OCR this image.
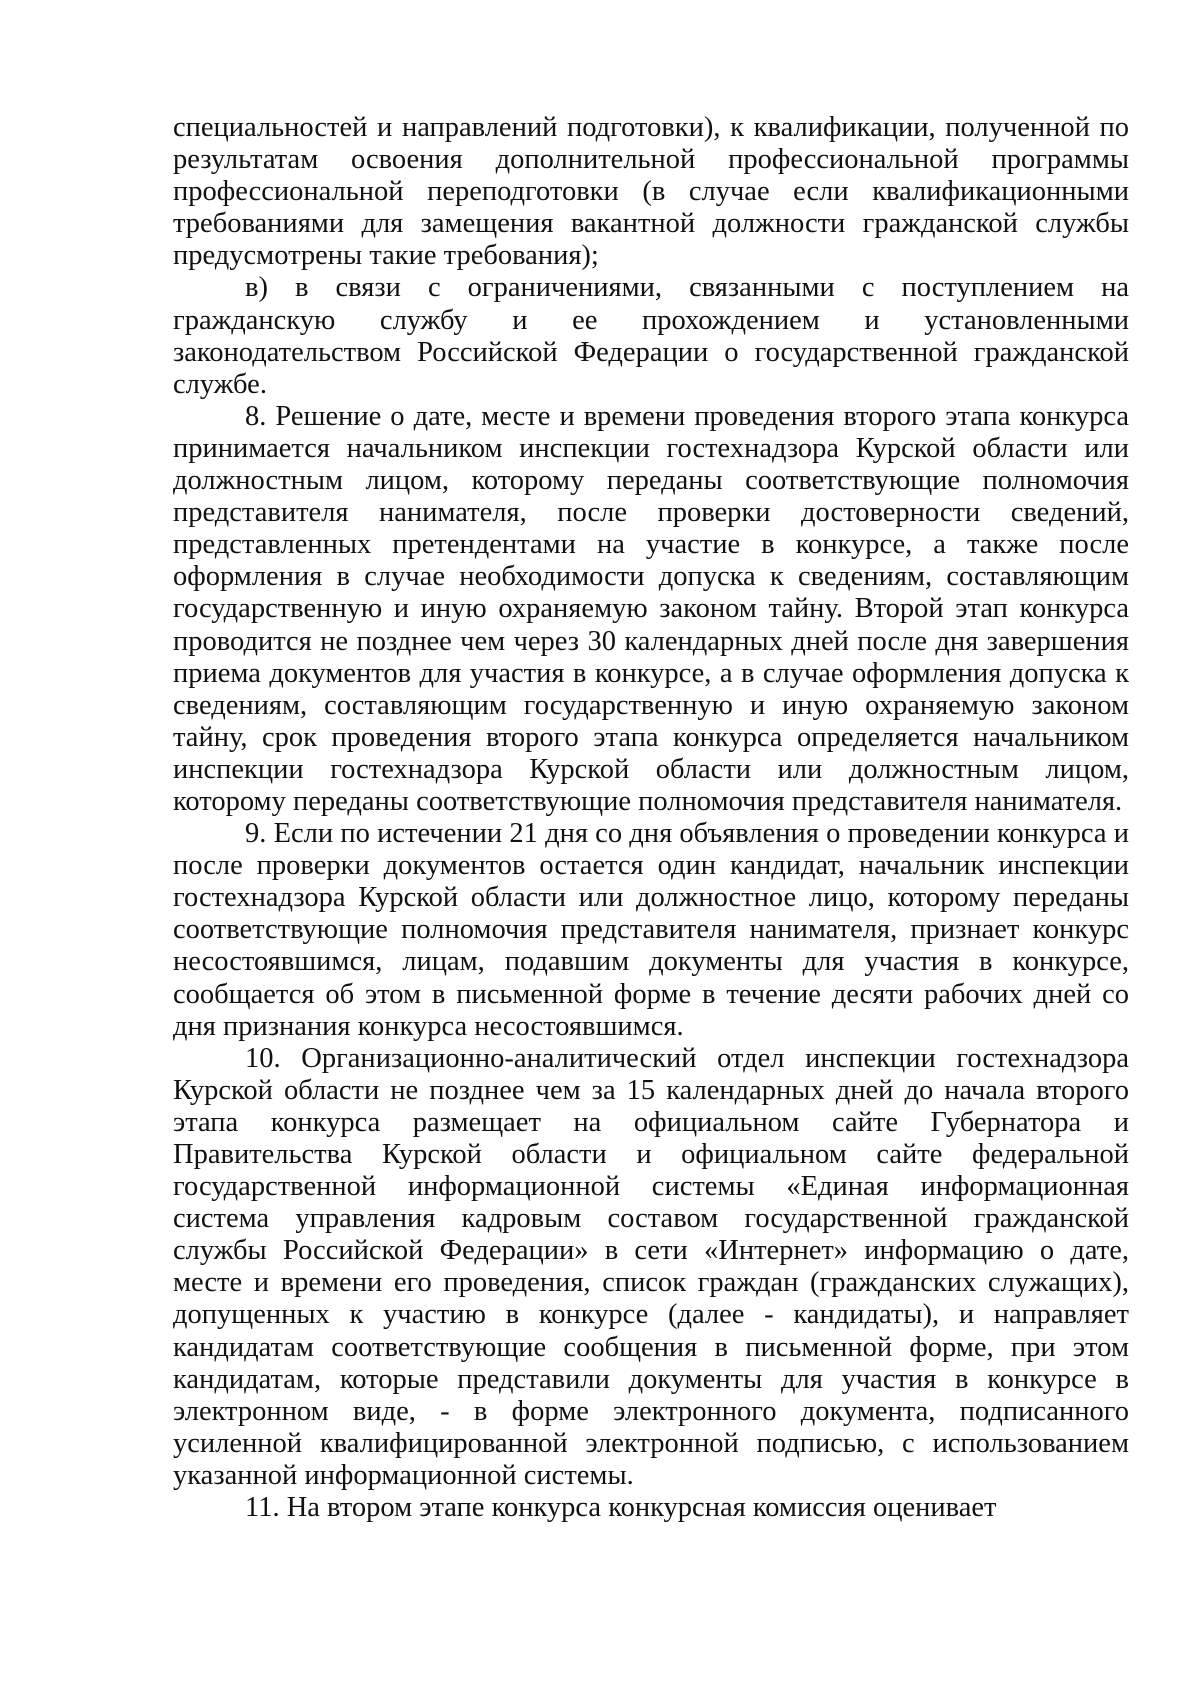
специальностей и направлений подготовки), к квалификации, полученной по результатам освоения дополнительной профессиональной программы профессиональной переподготовки (в случае если квалификационными требованиями для замещения вакантной должности гражданской службы предусмотрены такие требования);

в) в связи с ограничениями, связанными с поступлением на гражданскую службу и ее прохождением и установленными законодательством Российской Федерации о государственной гражданской службе.

8. Решение о дате, месте и времени проведения второго этапа конкурса принимается начальником инспекции гостехнадзора Курской области или должностным лицом, которому переданы соответствующие полномочия представителя нанимателя, после проверки достоверности сведений, представленных претендентами на участие в конкурсе, а также после оформления в случае необходимости допуска к сведениям, составляющим государственную и иную охраняемую законом тайну. Второй этап конкурса проводится не позднее чем через 30 календарных дней после дня завершения приема документов для участия в конкурсе, а в случае оформления допуска к сведениям, составляющим государственную и иную охраняемую законом тайну, срок проведения второго этапа конкурса определяется начальником инспекции гостехнадзора Курской области или должностным лицом, которому переданы соответствующие полномочия представителя нанимателя.

9. Если по истечении 21 дня со дня объявления о проведении конкурса и после проверки документов остается один кандидат, начальник инспекции гостехнадзора Курской области или должностное лицо, которому переданы соответствующие полномочия представителя нанимателя, признает конкурс несостоявшимся, лицам, подавшим документы для участия в конкурсе, сообщается об этом в письменной форме в течение десяти рабочих дней со дня признания конкурса несостоявшимся.

10. Организационно-аналитический отдел инспекции гостехнадзора Курской области не позднее чем за 15 календарных дней до начала второго этапа конкурса размещает на официальном сайте Губернатора и Правительства Курской области и официальном сайте федеральной государственной информационной системы «Единая информационная система управления кадровым составом государственной гражданской службы Российской Федерации» в сети «Интернет» информацию о дате, месте и времени его проведения, список граждан (гражданских служащих), допущенных к участию в конкурсе (далее - кандидаты), и направляет кандидатам соответствующие сообщения в письменной форме, при этом кандидатам, которые представили документы для участия в конкурсе в электронном виде, - в форме электронного документа, подписанного усиленной квалифицированной электронной подписью, с использованием указанной информационной системы.

11. На втором этапе конкурса конкурсная комиссия оценивает
